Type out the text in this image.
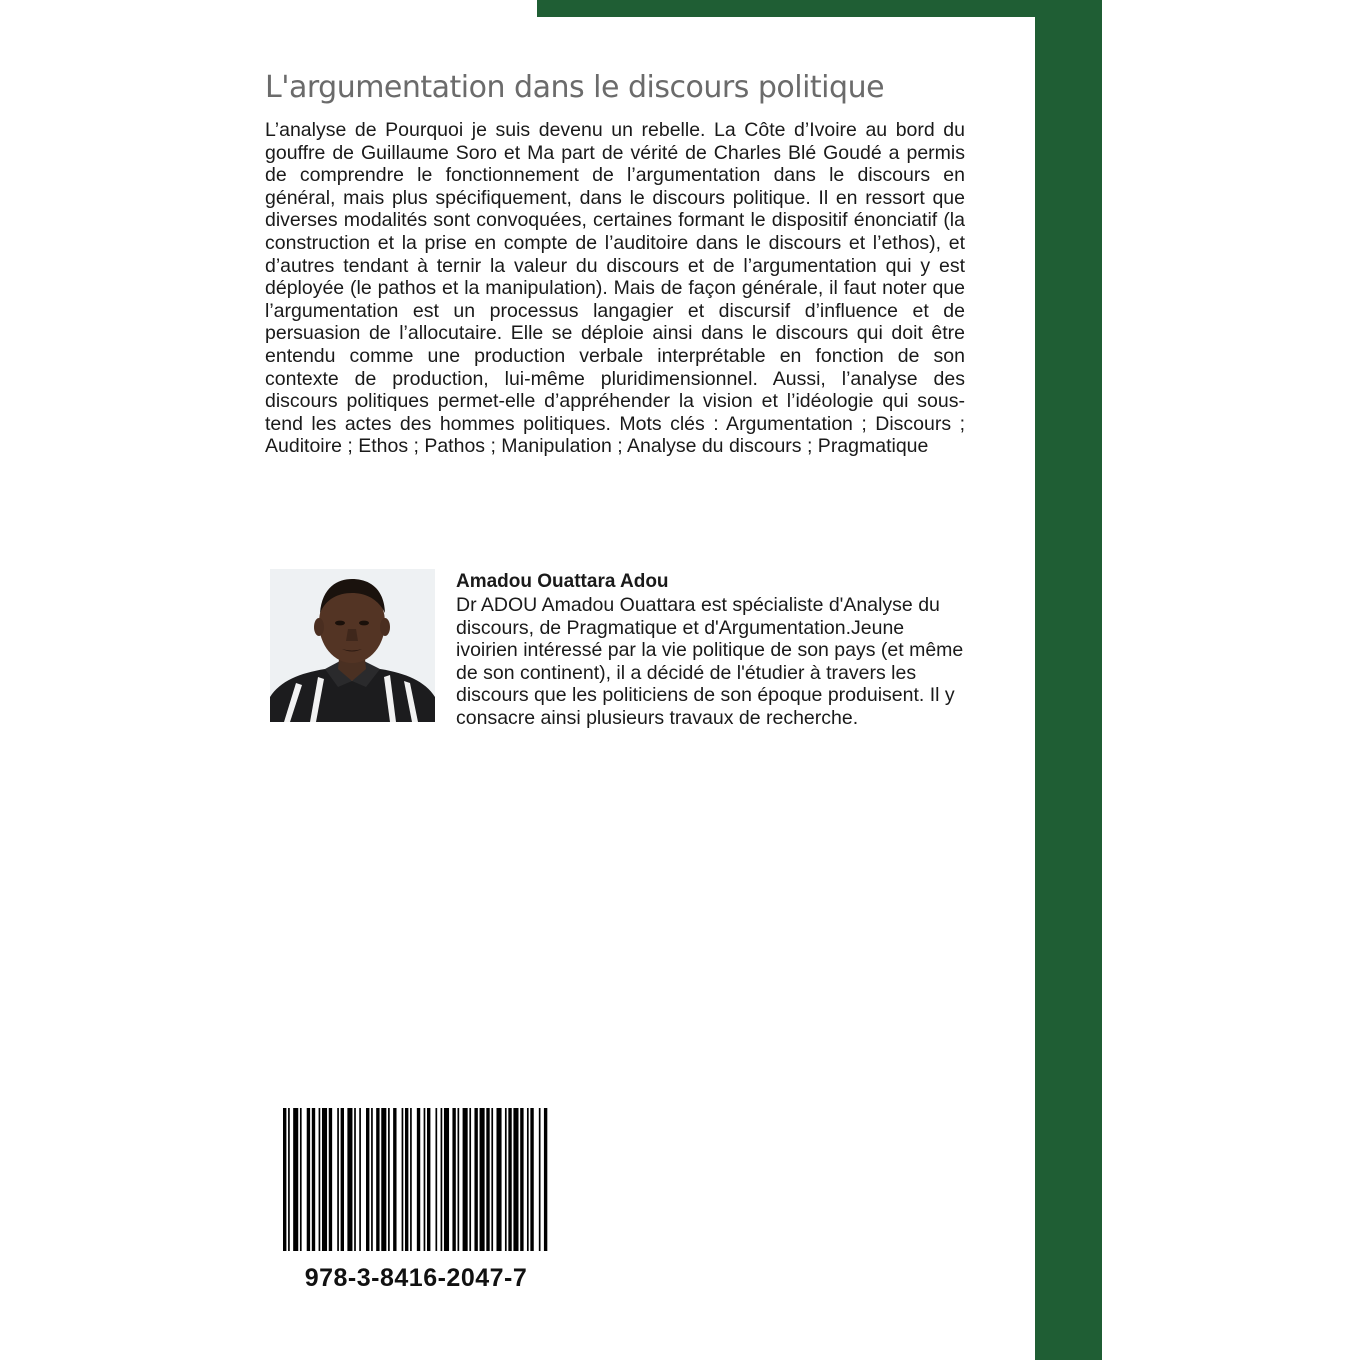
L'argumentation dans le discours politique

L’analyse de Pourquoi je suis devenu un rebelle. La Côte d’Ivoire au bord du gouffre de Guillaume Soro et Ma part de vérité de Charles Blé Goudé a permis de comprendre le fonctionnement de l’argumentation dans le discours en général, mais plus spécifiquement, dans le discours politique. Il en ressort que diverses modalités sont convoquées, certaines formant le dispositif énonciatif (la construction et la prise en compte de l’auditoire dans le discours et l’ethos), et d’autres tendant à ternir la valeur du discours et de l’argumentation qui y est déployée (le pathos et la manipulation). Mais de façon générale, il faut noter que l’argumentation est un processus langagier et discursif d’influence et de persuasion de l’allocutaire. Elle se déploie ainsi dans le discours qui doit être entendu comme une production verbale interprétable en fonction de son contexte de production, lui-même pluridimensionnel. Aussi, l’analyse des discours politiques permet-elle d’appréhender la vision et l’idéologie qui sous-tend les actes des hommes politiques. Mots clés : Argumentation ; Discours ; Auditoire ; Ethos ; Pathos ; Manipulation ; Analyse du discours ; Pragmatique

Amadou Ouattara Adou

Dr ADOU Amadou Ouattara est spécialiste d'Analyse du discours, de Pragmatique et d'Argumentation.Jeune ivoirien intéressé par la vie politique de son pays (et même de son continent), il a décidé de l'étudier à travers les discours que les politiciens de son époque produisent. Il y consacre ainsi plusieurs travaux de recherche.

978-3-8416-2047-7
